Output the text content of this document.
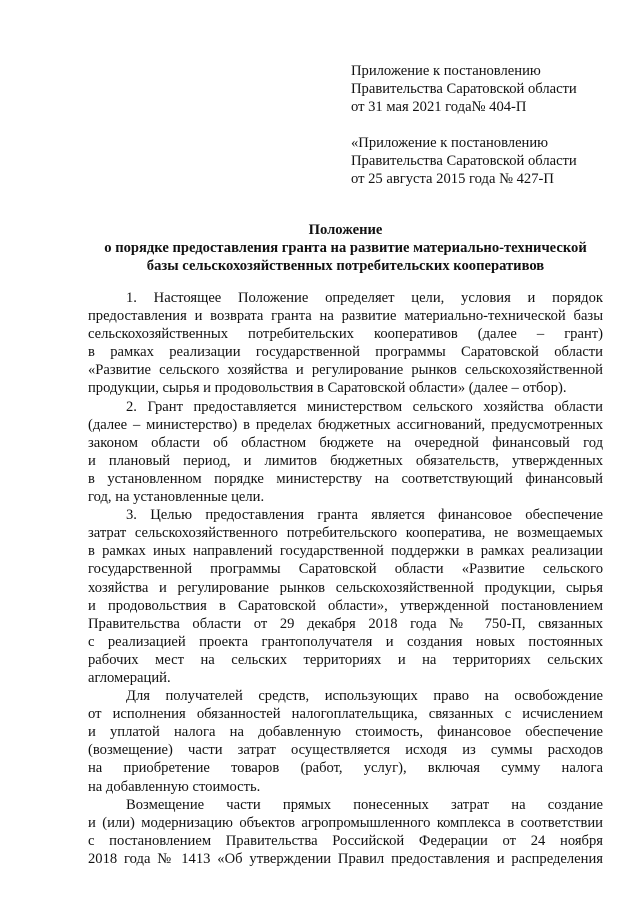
Приложение к постановлению
Правительства Саратовской области
от 31 мая 2021 года№ 404-П
«Приложение к постановлению
Правительства Саратовской области
от 25 августа 2015 года № 427-П
Положение
о порядке предоставления гранта на развитие материально-технической
базы сельскохозяйственных потребительских кооперативов

1. Настоящее Положение определяет цели, условия и порядок
предоставления и возврата гранта на развитие материально-технической базы
сельскохозяйственных потребительских кооперативов (далее – грант)
в рамках реализации государственной программы Саратовской области
«Развитие сельского хозяйства и регулирование рынков сельскохозяйственной
продукции, сырья и продовольствия в Саратовской области» (далее – отбор).

2. Грант предоставляется министерством сельского хозяйства области
(далее – министерство) в пределах бюджетных ассигнований, предусмотренных
законом области об областном бюджете на очередной финансовый год
и плановый период, и лимитов бюджетных обязательств, утвержденных
в установленном порядке министерству на соответствующий финансовый
год, на установленные цели.

3. Целью предоставления гранта является финансовое обеспечение
затрат сельскохозяйственного потребительского кооператива, не возмещаемых
в рамках иных направлений государственной поддержки в рамках реализации
государственной программы Саратовской области «Развитие сельского
хозяйства и регулирование рынков сельскохозяйственной продукции, сырья
и продовольствия в Саратовской области», утвержденной постановлением
Правительства области от 29 декабря 2018 года № 750-П, связанных
с реализацией проекта грантополучателя и создания новых постоянных
рабочих мест на сельских территориях и на территориях сельских
агломераций.

Для получателей средств, использующих право на освобождение
от исполнения обязанностей налогоплательщика, связанных с исчислением
и уплатой налога на добавленную стоимость, финансовое обеспечение
(возмещение) части затрат осуществляется исходя из суммы расходов
на приобретение товаров (работ, услуг), включая сумму налога
на добавленную стоимость.

Возмещение части прямых понесенных затрат на создание
и (или) модернизацию объектов агропромышленного комплекса в соответствии
с постановлением Правительства Российской Федерации от 24 ноября
2018 года № 1413 «Об утверждении Правил предоставления и распределения
